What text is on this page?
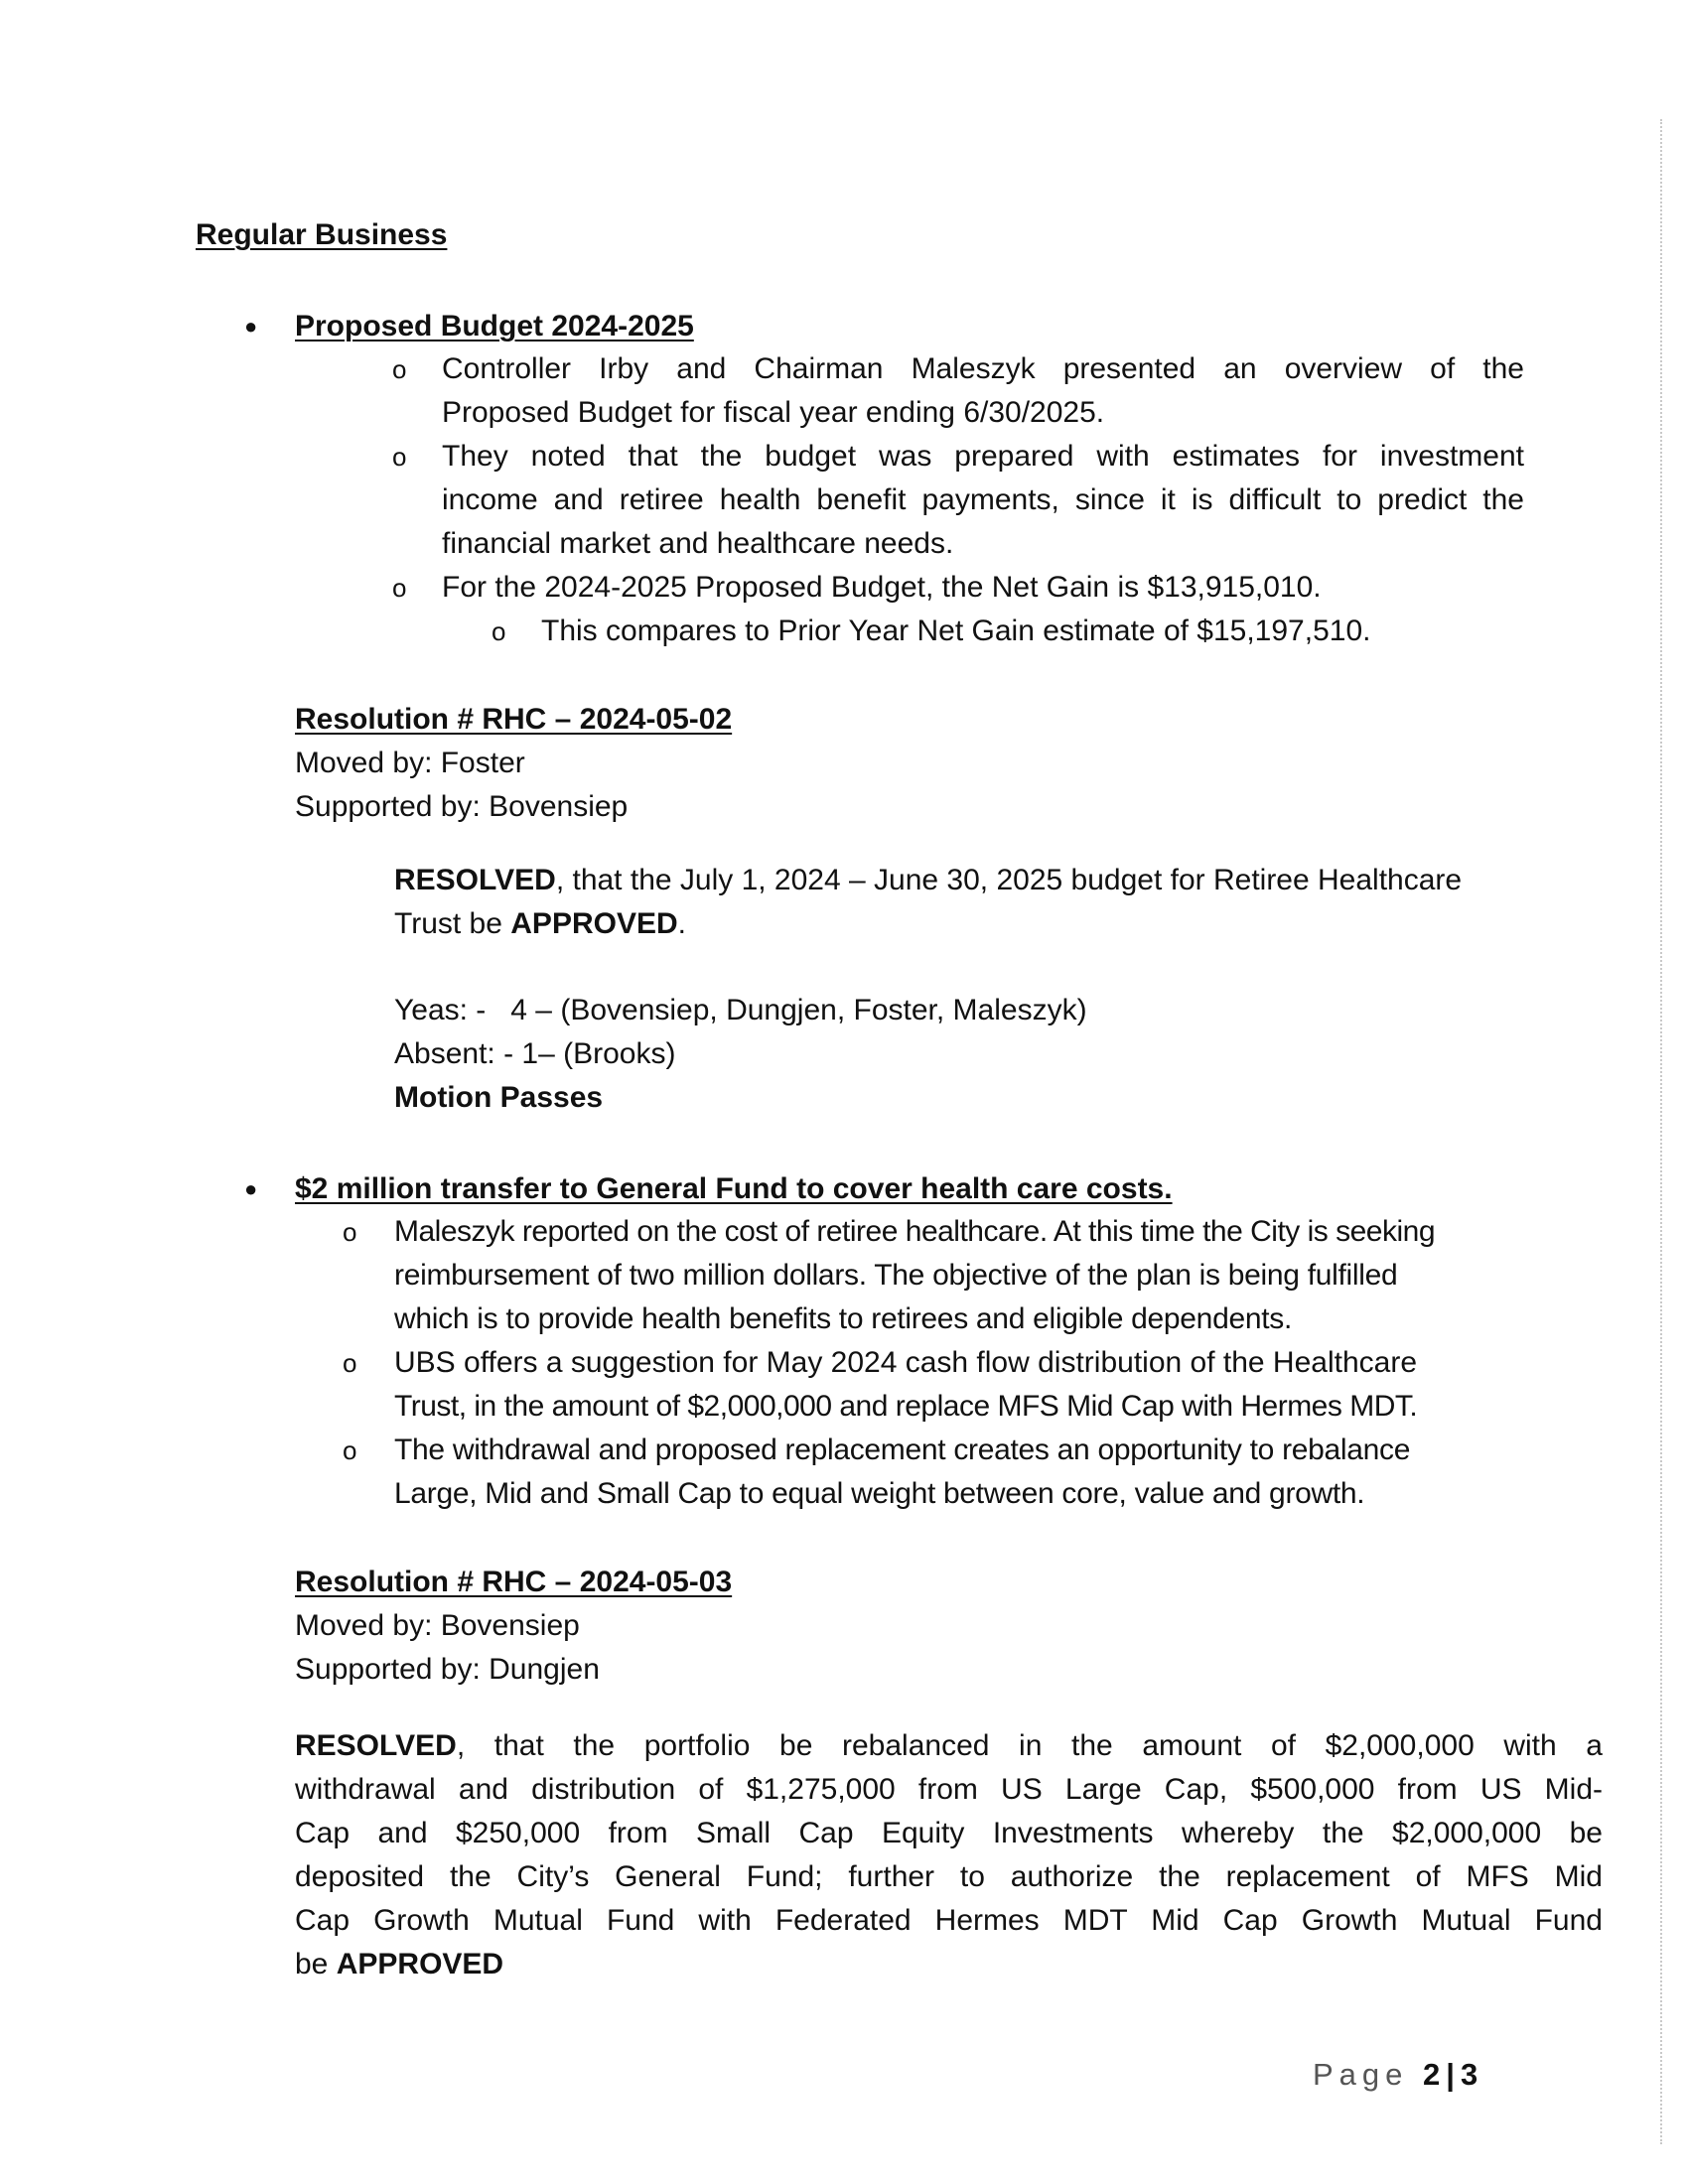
Regular Business
● Proposed Budget 2024-2025
o Controller Irby and Chairman Maleszyk presented an overview of the
Proposed Budget for fiscal year ending 6/30/2025.
o They noted that the budget was prepared with estimates for investment
income and retiree health benefit payments, since it is difficult to predict the
financial market and healthcare needs.
o For the 2024-2025 Proposed Budget, the Net Gain is $13,915,010.
o This compares to Prior Year Net Gain estimate of $15,197,510.
Resolution # RHC – 2024-05-02
Moved by: Foster
Supported by: Bovensiep
RESOLVED, that the July 1, 2024 – June 30, 2025 budget for Retiree Healthcare
Trust be APPROVED.
Yeas: -   4 – (Bovensiep, Dungjen, Foster, Maleszyk)
Absent: - 1– (Brooks)
Motion Passes
● $2 million transfer to General Fund to cover health care costs.
o Maleszyk reported on the cost of retiree healthcare. At this time the City is seeking
reimbursement of two million dollars. The objective of the plan is being fulfilled
which is to provide health benefits to retirees and eligible dependents.
o UBS offers a suggestion for May 2024 cash flow distribution of the Healthcare
Trust, in the amount of $2,000,000 and replace MFS Mid Cap with Hermes MDT.
o The withdrawal and proposed replacement creates an opportunity to rebalance
Large, Mid and Small Cap to equal weight between core, value and growth.
Resolution # RHC – 2024-05-03
Moved by: Bovensiep
Supported by: Dungjen
RESOLVED, that the portfolio be rebalanced in the amount of $2,000,000 with a
withdrawal and distribution of $1,275,000 from US Large Cap, $500,000 from US Mid-
Cap and $250,000 from Small Cap Equity Investments whereby the $2,000,000 be
deposited the City’s General Fund; further to authorize the replacement of MFS Mid
Cap Growth Mutual Fund with Federated Hermes MDT Mid Cap Growth Mutual Fund
be APPROVED
Page 2|3
